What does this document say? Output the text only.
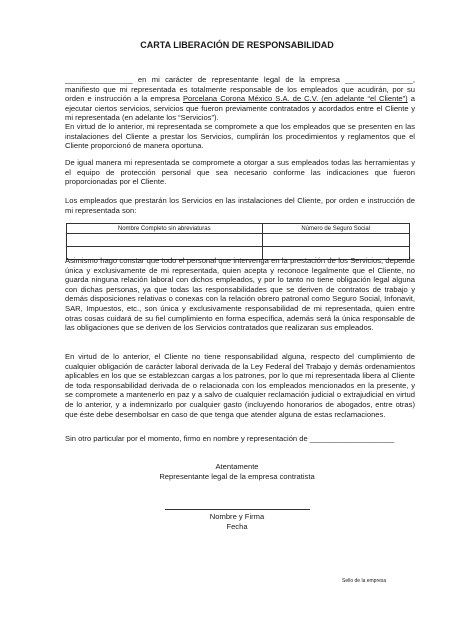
CARTA LIBERACIÓN DE RESPONSABILIDAD
________________ en mi carácter de representante legal de la empresa ________________, manifiesto que mi representada es totalmente responsable de los empleados que acudirán, por su orden e instrucción a la empresa Porcelana Corona México S.A. de C.V. (en adelante “el Cliente”) a ejecutar ciertos servicios, servicios que fueron previamente contratados y acordados entre el Cliente y mi representada (en adelante los “Servicios”).
En virtud de lo anterior, mi representada se compromete a que los empleados que se presenten en las instalaciones del Cliente a prestar los Servicios, cumplirán los procedimientos y reglamentos que el Cliente proporcionó de manera oportuna.
De igual manera mi representada se compromete a otorgar a sus empleados todas las herramientas y el equipo de protección personal que sea necesario conforme las indicaciones que fueron proporcionadas por el Cliente.
Los empleados que prestarán los Servicios en las instalaciones del Cliente, por orden e instrucción de mi representada son:
Nombre Completo sin abreviaturas	Número de Seguro Social

Asimismo hago constar que todo el personal que intervenga en la prestación de los Servicios, depende única y exclusivamente de mi representada, quien acepta y reconoce legalmente que el Cliente, no guarda ninguna relación laboral con dichos empleados, y por lo tanto no tiene obligación legal alguna con dichas personas, ya que todas las responsabilidades que se deriven de contratos de trabajo y demás disposiciones relativas o conexas con la relación obrero patronal como Seguro Social, Infonavit, SAR, Impuestos, etc., son única y exclusivamente responsabilidad de mi representada, quien entre otras cosas cuidará de su fiel cumplimiento en forma específica, además será la única responsable de las obligaciones que se deriven de los Servicios contratados que realizaran sus empleados.
En virtud de lo anterior, el Cliente no tiene responsabilidad alguna, respecto del cumplimiento de cualquier obligación de carácter laboral derivada de la Ley Federal del Trabajo y demás ordenamientos aplicables en los que se establezcan cargas a los patrones, por lo que mi representada libera al Cliente de toda responsabilidad derivada de o relacionada con los empleados mencionados en la presente, y se compromete a mantenerlo en paz y a salvo de cualquier reclamación judicial o extrajudicial en virtud de lo anterior, y a indemnizarlo por cualquier gasto (incluyendo honorarios de abogados, entre otras) que éste debe desembolsar en caso de que tenga que atender alguna de estas reclamaciones.
Sin otro particular por el momento, firmo en nombre y representación de ____________________
Atentamente
Representante legal de la empresa contratista
Nombre y Firma
Fecha
Sello de la empresa
